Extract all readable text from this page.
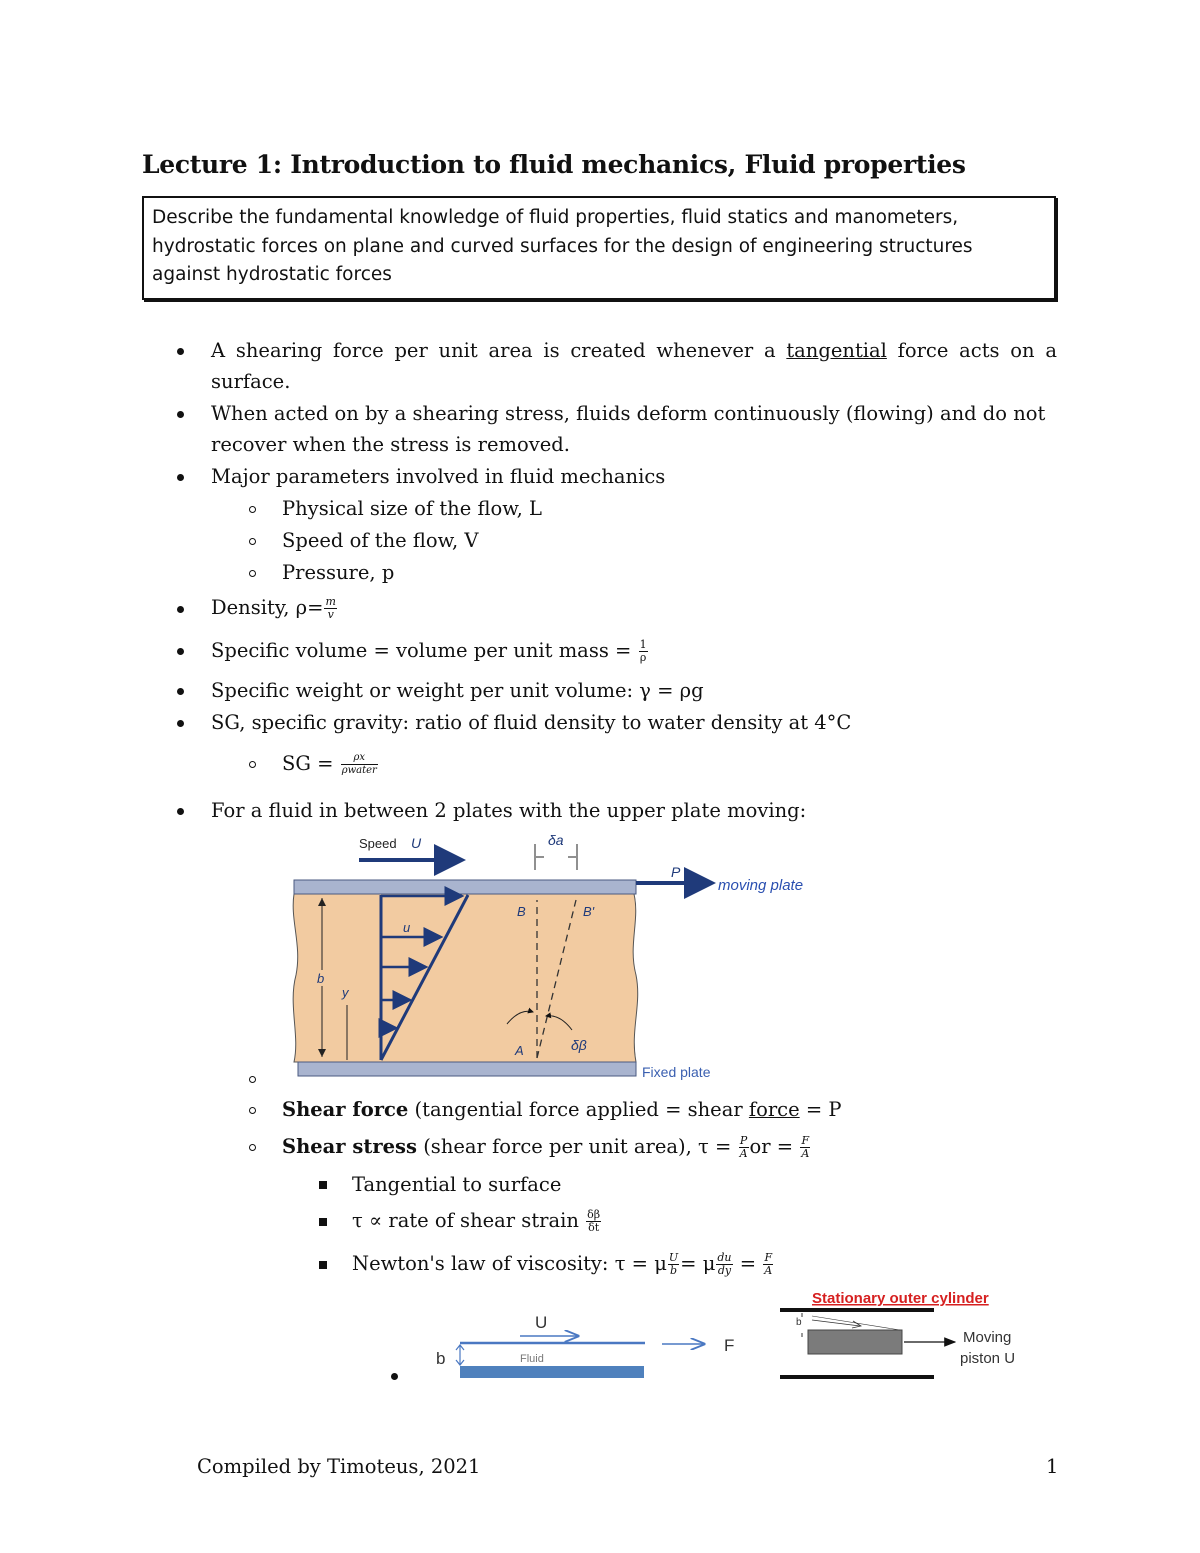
Lecture 1: Introduction to fluid mechanics, Fluid properties
Describe the fundamental knowledge of fluid properties, fluid statics and manometers, hydrostatic forces on plane and curved surfaces for the design of engineering structures against hydrostatic forces
A shearing force per unit area is created whenever a tangential force acts on a surface.
When acted on by a shearing stress, fluids deform continuously (flowing) and do not recover when the stress is removed.
Major parameters involved in fluid mechanics
Physical size of the flow, L
Speed of the flow, V
Pressure, p
Density, $\rho= \frac{m}{v}$
Specific volume = volume per unit mass = $\frac{1}{\rho}$
Specific weight or weight per unit volume: γ = ρg
SG, specific gravity: ratio of fluid density to water density at 4°C
SG = $\frac{\rho x}{\text{ρwater}}$
For a fluid in between 2 plates with the upper plate moving:
Speed U	δa
P
moving plate
u
b
y
B	B'
A	δβ
Fixed plate
Shear force (tangential force applied = shear force = P
Shear stress (shear force per unit area), $\tau = \frac{P}{A}$ or = $\frac{F}{A}$
Tangential to surface
τ ∝ rate of shear strain $\frac{\delta\beta}{\delta t}$
Newton's law of viscosity: τ = μ $\frac{U}{b} = \mu \frac{du}{dy} = \frac{F}{A}$
U
Fluid
b
F
Stationary outer cylinder
b
Moving
piston U
Compiled by Timoteus, 2021	1
